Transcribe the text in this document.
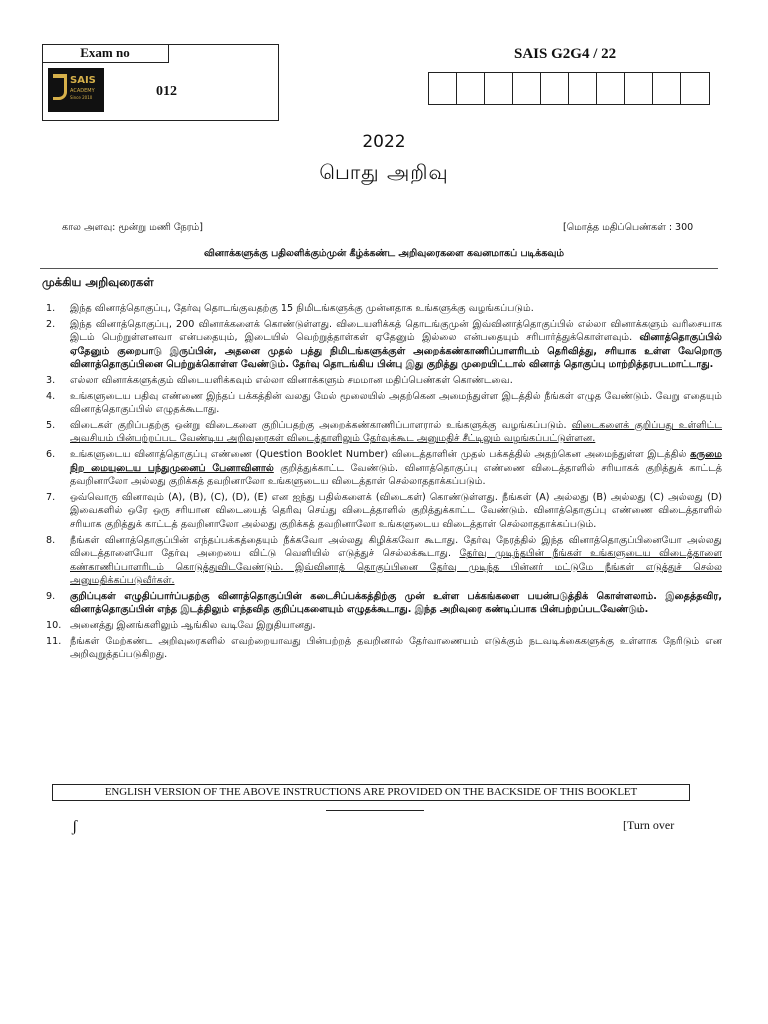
Exam no
SAIS
ACADEMY
Since 2010	012
SAIS G2G4 / 22
2022
பொது அறிவு
கால அளவு: மூன்று மணி நேரம்]	[மொத்த மதிப்பெண்கள் : 300
வினாக்களுக்கு பதிலளிக்கும்முன் கீழ்க்கண்ட அறிவுரைகளை கவனமாகப் படிக்கவும்
முக்கிய அறிவுரைகள்
1. இந்த வினாத்தொகுப்பு, தேர்வு தொடங்குவதற்கு 15 நிமிடங்களுக்கு முன்னதாக உங்களுக்கு வழங்கப்படும்.
2. இந்த வினாத்தொகுப்பு, 200 வினாக்களைக் கொண்டுள்ளது. விடையளிக்கத் தொடங்குமுன் இவ்வினாத்தொகுப்பில் எல்லா வினாக்களும் வரிசையாக இடம் பெற்றுள்ளனவா என்பதையும், இடையில் வெற்றுத்தாள்கள் ஏதேனும் இல்லை என்பதையும் சரிபார்த்துக்கொள்ளவும். வினாத்தொகுப்பில் ஏதேனும் குறைபாடு இருப்பின், அதனை முதல் பத்து நிமிடங்களுக்குள் அறைக்கண்காணிப்பாளரிடம் தெரிவித்து, சரியாக உள்ள வேறொரு வினாத்தொகுப்பினை பெற்றுக்கொள்ள வேண்டும். தேர்வு தொடங்கிய பின்பு இது குறித்து முறையிட்டால் வினாத் தொகுப்பு மாற்றித்தரபடமாட்டாது.
3. எல்லா வினாக்களுக்கும் விடையளிக்கவும் எல்லா வினாக்களும் சமமான மதிப்பெண்கள் கொண்டவை.
4. உங்களுடைய பதிவு எண்ணை இந்தப் பக்கத்தின் வலது மேல் மூலையில் அதற்கென அமைந்துள்ள இடத்தில் நீங்கள் எழுத வேண்டும். வேறு எதையும் வினாத்தொகுப்பில் எழுதக்கூடாது.
5. விடைகள் குறிப்பதற்கு ஒன்று விடைகளை குறிப்பதற்கு அறைக்கண்காணிப்பாளரால் உங்களுக்கு வழங்கப்படும். விடைகளைக் குறிப்பது உள்ளிட்ட அவசியம் பின்பற்றப்பட வேண்டிய அறிவுரைகள் விடைத்தாளிலும் தேர்வுக்கூட அனுமதிச் சீட்டிலும் வழங்கப்பட்டுள்ளன.
6. உங்களுடைய வினாத்தொகுப்பு எண்ணை (Question Booklet Number) விடைத்தாளின் முதல் பக்கத்தில் அதற்கென அமைந்துள்ள இடத்தில் கருமை நிற மையுடைய பந்துமுனைப் பேனாவினால் குறித்துக்காட்ட வேண்டும். வினாத்தொகுப்பு எண்ணை விடைத்தாளில் சரியாகக் குறித்துக் காட்டத் தவறினாலோ அல்லது குறிக்கத் தவறினாலோ உங்களுடைய விடைத்தாள் செல்லாததாக்கப்படும்.
7. ஒவ்வொரு வினாவும் (A), (B), (C), (D), (E) என ஐந்து பதில்களைக் (விடைகள்) கொண்டுள்ளது. நீங்கள் (A) அல்லது (B) அல்லது (C) அல்லது (D) இவைகளில் ஒரே ஒரு சரியான விடையைத் தெரிவு செய்து விடைத்தாளில் குறித்துக்காட்ட வேண்டும். வினாத்தொகுப்பு எண்ணை விடைத்தாளில் சரியாக குறித்துக் காட்டத் தவறினாலோ அல்லது குறிக்கத் தவறினாலோ உங்களுடைய விடைத்தாள் செல்லாததாக்கப்படும்.
8. நீங்கள் வினாத்தொகுப்பின் எந்தப்பக்கத்தையும் நீக்கவோ அல்லது கிழிக்கவோ கூடாது. தேர்வு நேரத்தில் இந்த வினாத்தொகுப்பினையோ அல்லது விடைத்தாளையோ தேர்வு அறையை விட்டு வெளியில் எடுத்துச் செல்லக்கூடாது. தேர்வு முடிந்தபின் நீங்கள் உங்களுடைய விடைத்தாளை கண்காணிப்பாளரிடம் கொடுத்துவிடவேண்டும். இவ்வினாத் தொகுப்பினை தேர்வு முடிந்த பின்னர் மட்டுமே நீங்கள் எடுத்துச் செல்ல அனுமதிக்கப்படுவீர்கள்.
9. குறிப்புகள் எழுதிப்பார்ப்பதற்கு வினாத்தொகுப்பின் கடைசிப்பக்கத்திற்கு முன் உள்ள பக்கங்களை பயன்படுத்திக் கொள்ளலாம். இதைத்தவிர, வினாத்தொகுப்பின் எந்த இடத்திலும் எந்தவித குறிப்புகளையும் எழுதக்கூடாது. இந்த அறிவுரை கண்டிப்பாக பின்பற்றப்படவேண்டும்.
10. அனைத்து இனங்களிலும் ஆங்கில வடிவே இறுதியானது.
11. நீங்கள் மேற்கண்ட அறிவுரைகளில் எவற்றையாவது பின்பற்றத் தவறினால் தேர்வாணையம் எடுக்கும் நடவடிக்கைகளுக்கு உள்ளாக நேரிடும் என அறிவுறுத்தப்படுகிறது.
ENGLISH VERSION OF THE ABOVE INSTRUCTIONS ARE PROVIDED ON THE BACKSIDE OF THIS BOOKLET
ʃ	[Turn over
